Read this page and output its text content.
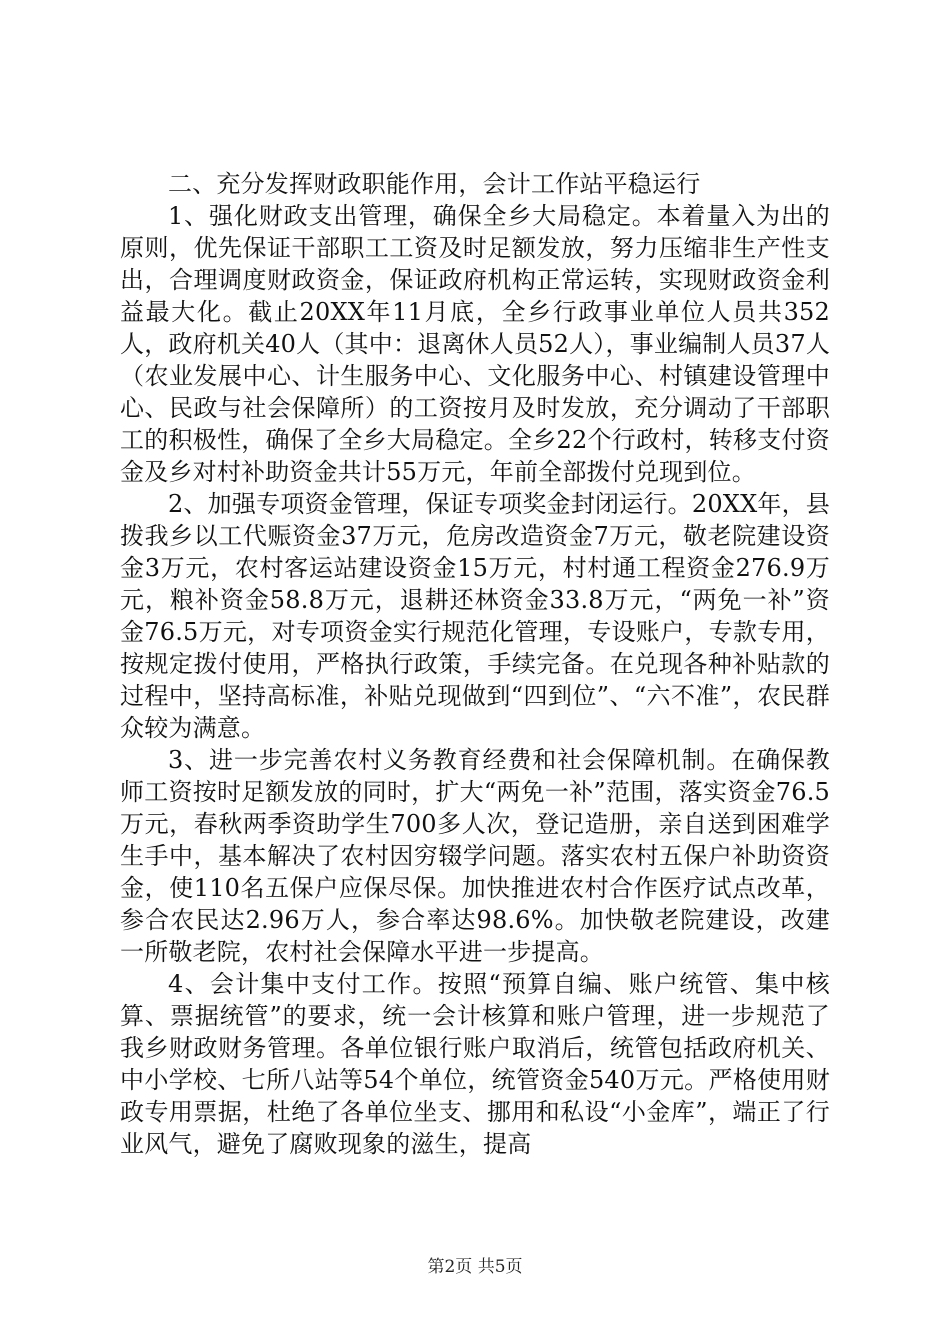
二、充分发挥财政职能作用，会计工作站平稳运行

1、强化财政支出管理，确保全乡大局稳定。本着量入为出的原则，优先保证干部职工工资及时足额发放，努力压缩非生产性支出，合理调度财政资金，保证政府机构正常运转，实现财政资金利益最大化。截止20XX年11月底，全乡行政事业单位人员共352人，政府机关40人（其中：退离休人员52人），事业编制人员37人（农业发展中心、计生服务中心、文化服务中心、村镇建设管理中心、民政与社会保障所）的工资按月及时发放，充分调动了干部职工的积极性，确保了全乡大局稳定。全乡22个行政村，转移支付资金及乡对村补助资金共计55万元，年前全部拨付兑现到位。

2、加强专项资金管理，保证专项奖金封闭运行。20XX年，县拨我乡以工代赈资金37万元，危房改造资金7万元，敬老院建设资金3万元，农村客运站建设资金15万元，村村通工程资金276.9万元，粮补资金58.8万元，退耕还林资金33.8万元，“两免一补”资金76.5万元，对专项资金实行规范化管理，专设账户，专款专用，按规定拨付使用，严格执行政策，手续完备。在兑现各种补贴款的过程中，坚持高标准，补贴兑现做到“四到位”、“六不准”，农民群众较为满意。

3、进一步完善农村义务教育经费和社会保障机制。在确保教师工资按时足额发放的同时，扩大“两免一补”范围，落实资金76.5万元，春秋两季资助学生700多人次，登记造册，亲自送到困难学生手中，基本解决了农村因穷辍学问题。落实农村五保户补助资资金，使110名五保户应保尽保。加快推进农村合作医疗试点改革，参合农民达2.96万人，参合率达98.6%。加快敬老院建设，改建一所敬老院，农村社会保障水平进一步提高。

4、会计集中支付工作。按照“预算自编、账户统管、集中核算、票据统管”的要求，统一会计核算和账户管理，进一步规范了我乡财政财务管理。各单位银行账户取消后，统管包括政府机关、中小学校、七所八站等54个单位，统管资金540万元。严格使用财政专用票据，杜绝了各单位坐支、挪用和私设“小金库”，端正了行业风气，避免了腐败现象的滋生，提高

第2页 共5页
